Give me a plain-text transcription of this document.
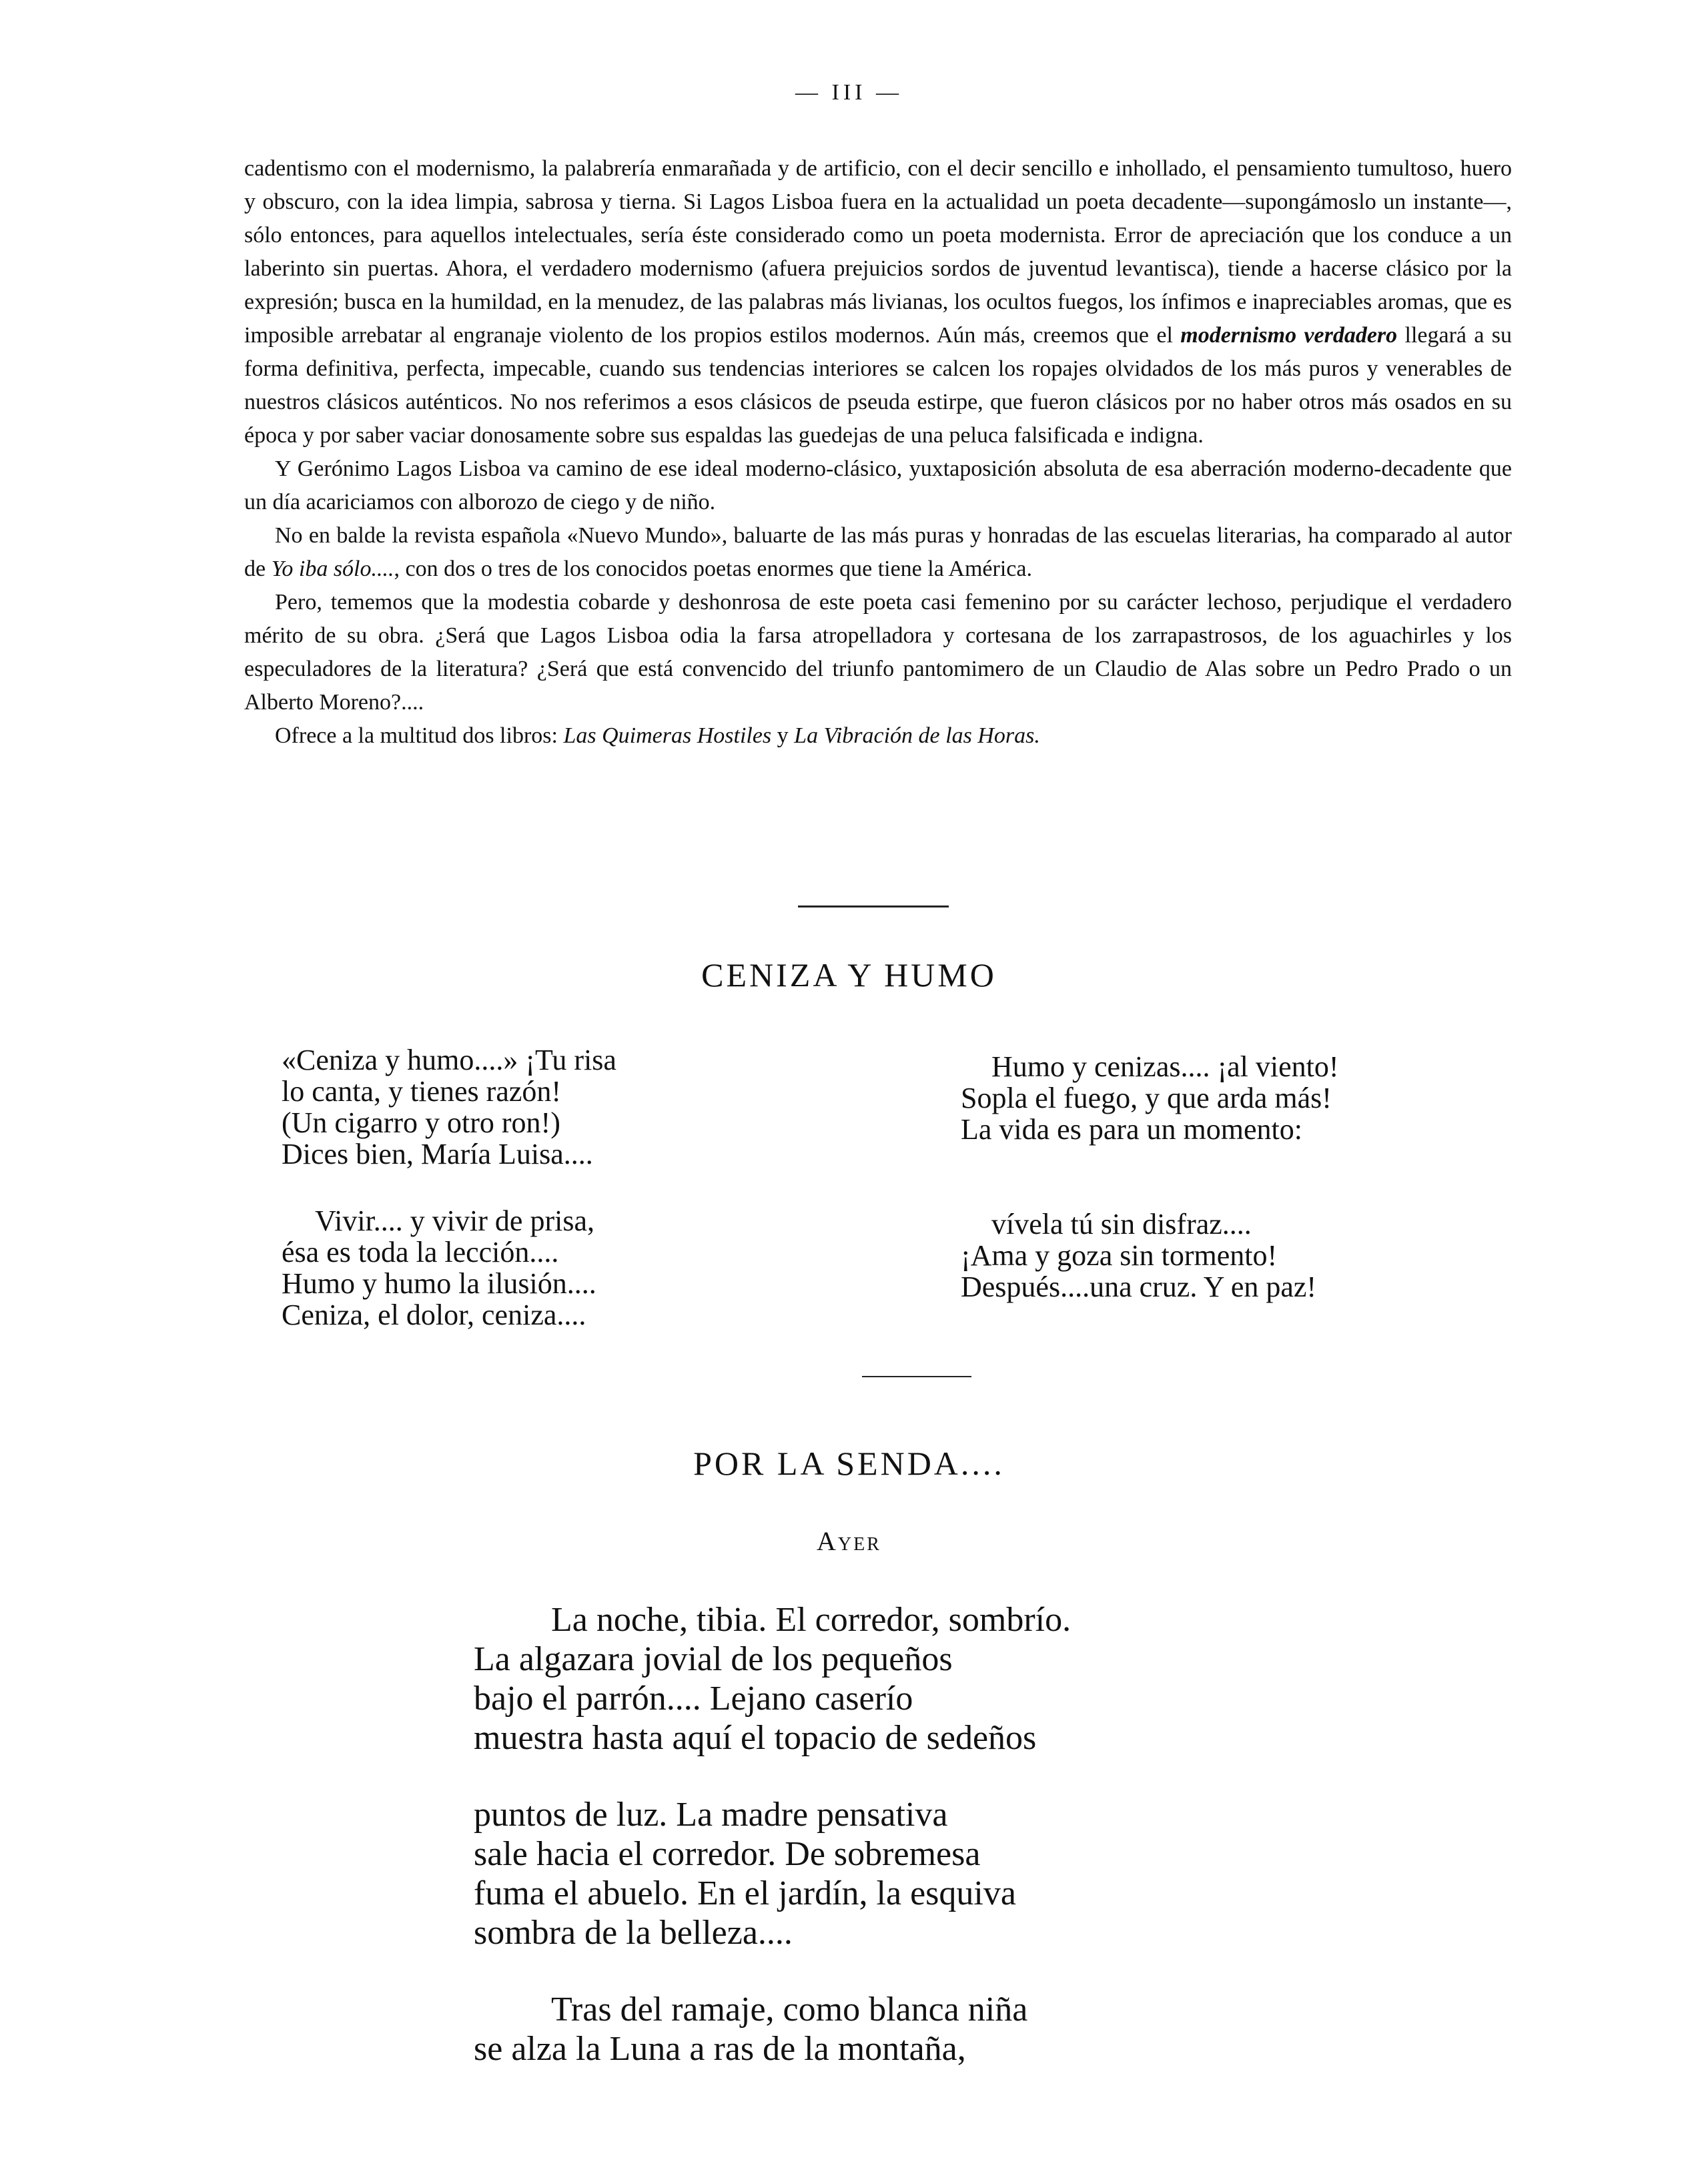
— III —

cadentismo con el modernismo, la palabrería enmarañada y de artificio, con el decir sencillo e inhollado, el pensamiento tumultoso, huero y obscuro, con la idea limpia, sabrosa y tierna. Si Lagos Lisboa fuera en la actualidad un poeta decadente—supongámoslo un instante—, sólo entonces, para aquellos intelectuales, sería éste considerado como un poeta modernista. Error de apreciación que los conduce a un laberinto sin puertas. Ahora, el verdadero modernismo (afuera prejuicios sordos de juventud levantisca), tiende a hacerse clásico por la expresión; busca en la humildad, en la menudez, de las palabras más livianas, los ocultos fuegos, los ínfimos e inapreciables aromas, que es imposible arrebatar al engranaje violento de los propios estilos modernos. Aún más, creemos que el modernismo verdadero llegará a su forma definitiva, perfecta, impecable, cuando sus tendencias interiores se calcen los ropajes olvidados de los más puros y venerables de nuestros clásicos auténticos. No nos referimos a esos clásicos de pseuda estirpe, que fueron clásicos por no haber otros más osados en su época y por saber vaciar donosamente sobre sus espaldas las guedejas de una peluca falsificada e indigna.

Y Gerónimo Lagos Lisboa va camino de ese ideal moderno-clásico, yuxtaposición absoluta de esa aberración moderno-decadente que un día acariciamos con alborozo de ciego y de niño.

No en balde la revista española «Nuevo Mundo», baluarte de las más puras y honradas de las escuelas literarias, ha comparado al autor de Yo iba sólo...., con dos o tres de los conocidos poetas enormes que tiene la América.

Pero, tememos que la modestia cobarde y deshonrosa de este poeta casi femenino por su carácter lechoso, perjudique el verdadero mérito de su obra. ¿Será que Lagos Lisboa odia la farsa atropelladora y cortesana de los zarrapastrosos, de los aguachirles y los especuladores de la literatura? ¿Será que está convencido del triunfo pantomimero de un Claudio de Alas sobre un Pedro Prado o un Alberto Moreno?....

Ofrece a la multitud dos libros: Las Quimeras Hostiles y La Vibración de las Horas.

CENIZA Y HUMO
«Ceniza y humo....» ¡Tu risa
lo canta, y tienes razón!
(Un cigarro y otro ron!)
Dices bien, María Luisa....
Vivir.... y vivir de prisa,
ésa es toda la lección....
Humo y humo la ilusión....
Ceniza, el dolor, ceniza....
Humo y cenizas.... ¡al viento!
Sopla el fuego, y que arda más!
La vida es para un momento:
vívela tú sin disfraz....
¡Ama y goza sin tormento!
Después....una cruz. Y en paz!
POR LA SENDA....
Ayer
La noche, tibia. El corredor, sombrío.
La algazara jovial de los pequeños
bajo el parrón.... Lejano caserío
muestra hasta aquí el topacio de sedeños
puntos de luz. La madre pensativa
sale hacia el corredor. De sobremesa
fuma el abuelo. En el jardín, la esquiva
sombra de la belleza....
Tras del ramaje, como blanca niña
se alza la Luna a ras de la montaña,
